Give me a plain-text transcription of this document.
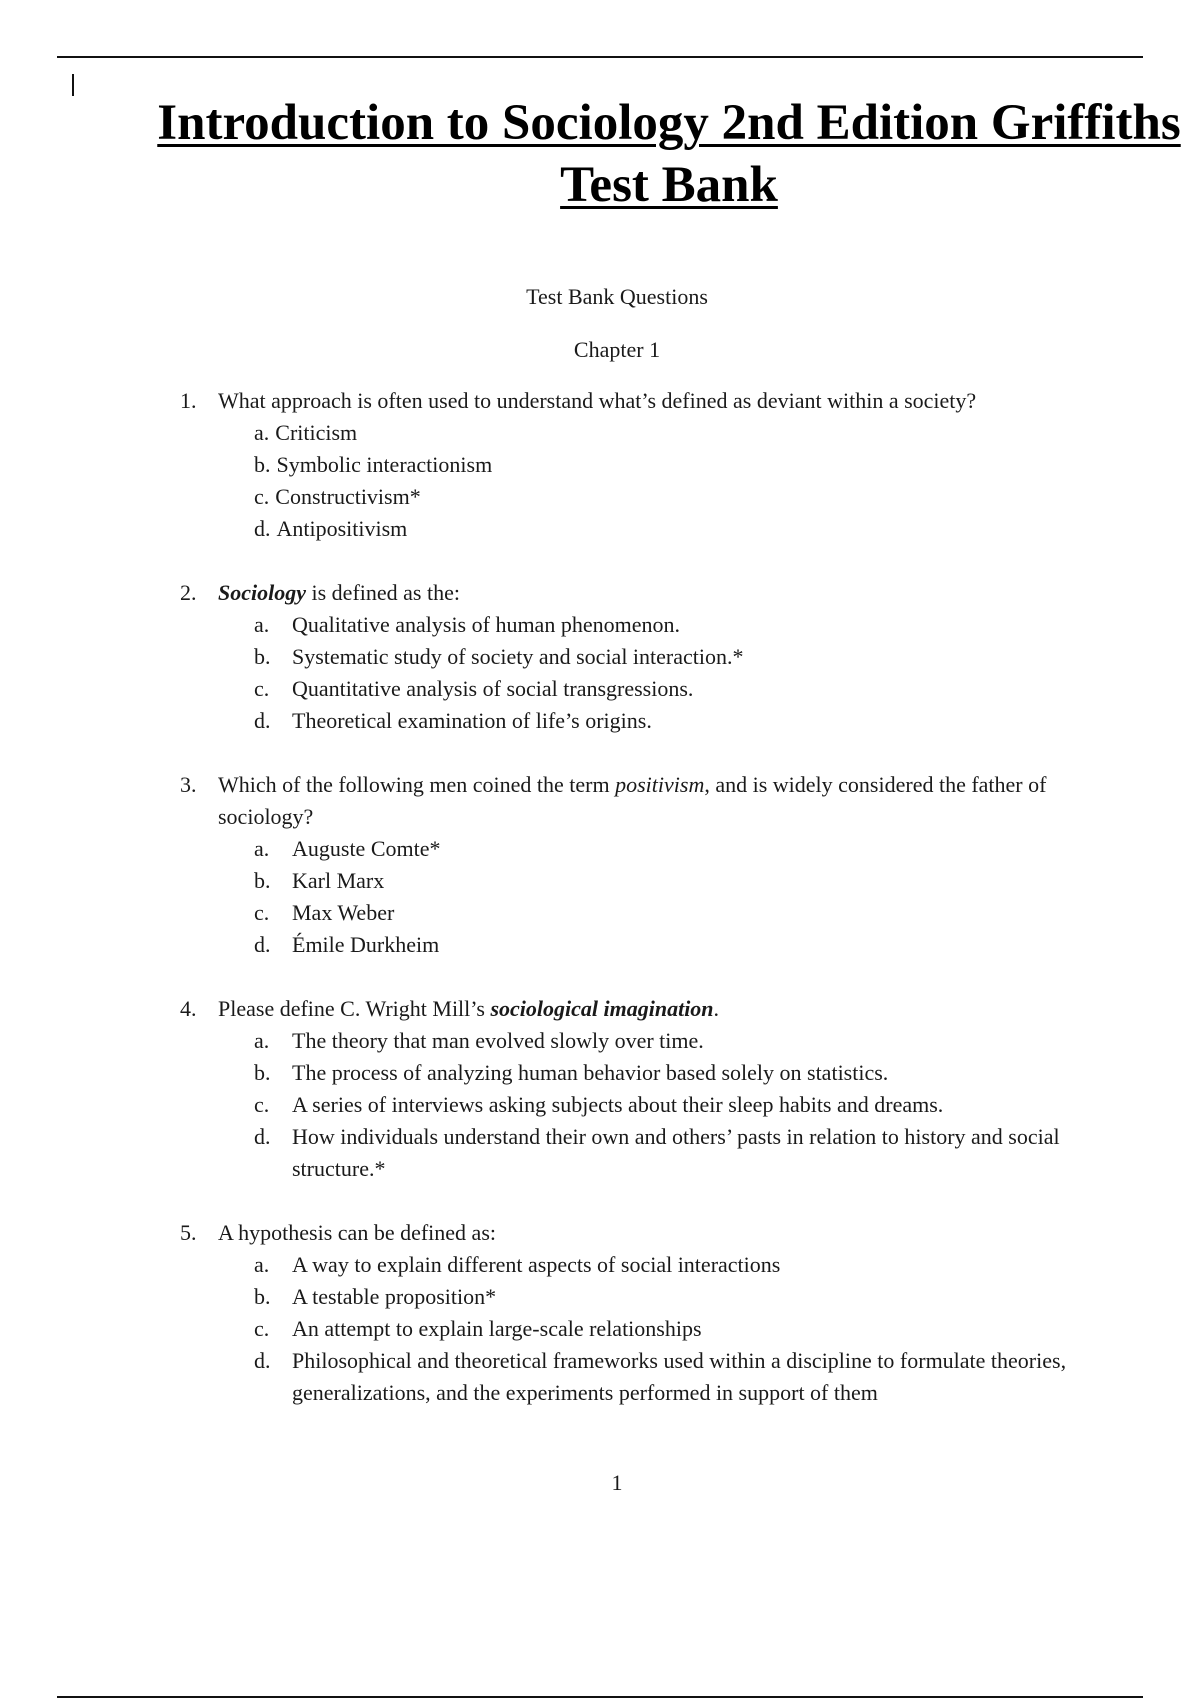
Introduction to Sociology 2nd Edition Griffiths
Test Bank

Test Bank Questions

Chapter 1

1. What approach is often used to understand what’s defined as deviant within a society?
a. Criticism
b. Symbolic interactionism
c. Constructivism*
d. Antipositivism
2. Sociology is defined as the:
a. Qualitative analysis of human phenomenon.
b. Systematic study of society and social interaction.*
c. Quantitative analysis of social transgressions.
d. Theoretical examination of life’s origins.
3. Which of the following men coined the term positivism, and is widely considered the father of sociology?
a. Auguste Comte*
b. Karl Marx
c. Max Weber
d. Émile Durkheim
4. Please define C. Wright Mill’s sociological imagination.
a. The theory that man evolved slowly over time.
b. The process of analyzing human behavior based solely on statistics.
c. A series of interviews asking subjects about their sleep habits and dreams.
d. How individuals understand their own and others’ pasts in relation to history and social structure.*
5. A hypothesis can be defined as:
a. A way to explain different aspects of social interactions
b. A testable proposition*
c. An attempt to explain large-scale relationships
d. Philosophical and theoretical frameworks used within a discipline to formulate theories, generalizations, and the experiments performed in support of them
1
